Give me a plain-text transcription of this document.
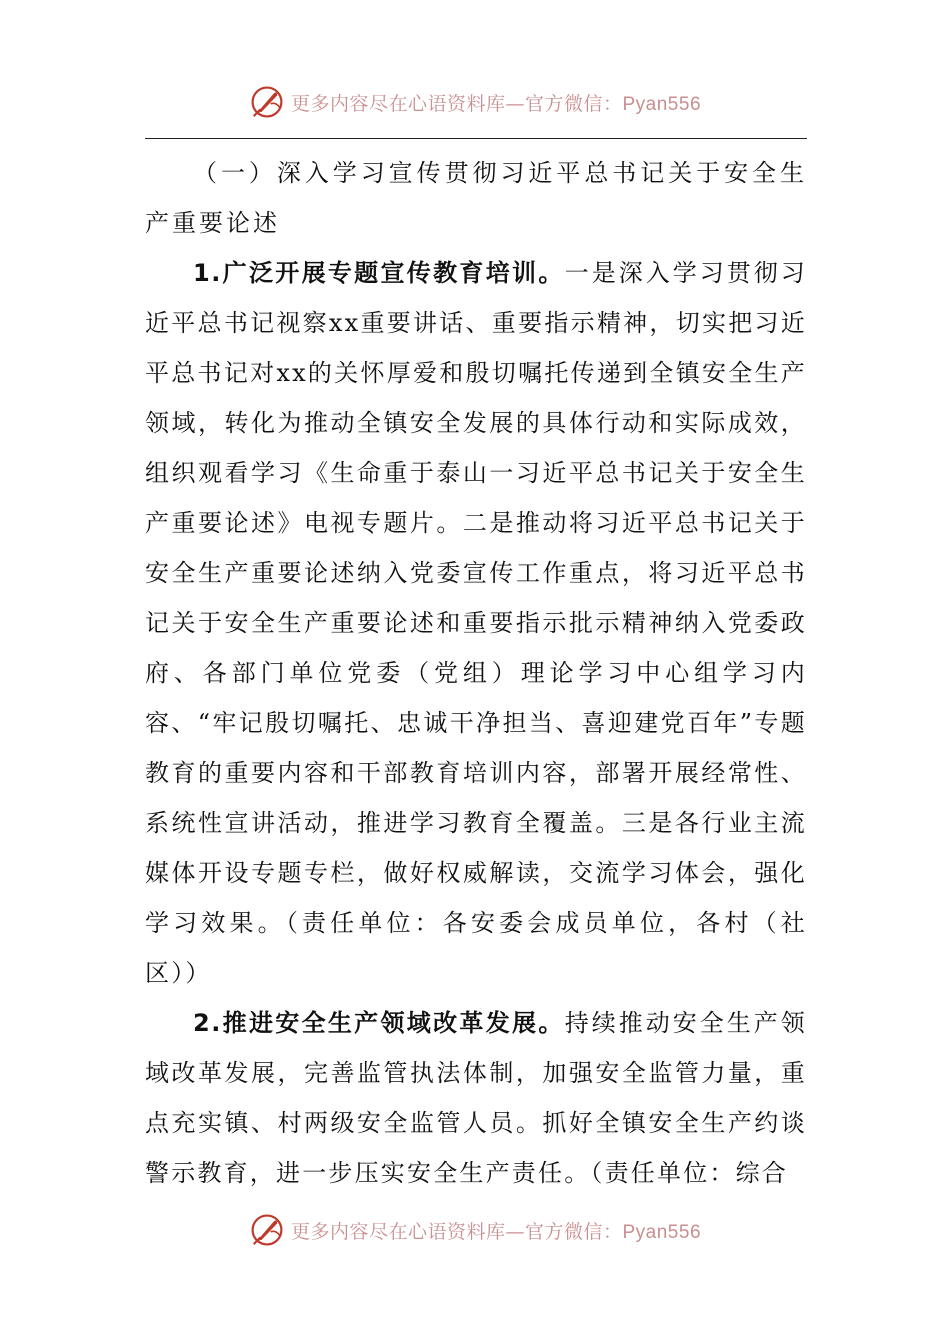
更多内容尽在心语资料库—官方微信：Pyan556

（一）深入学习宣传贯彻习近平总书记关于安全生产重要论述

1.广泛开展专题宣传教育培训。一是深入学习贯彻习近平总书记视察xx重要讲话、重要指示精神，切实把习近平总书记对xx的关怀厚爱和殷切嘱托传递到全镇安全生产领域，转化为推动全镇安全发展的具体行动和实际成效，组织观看学习《生命重于泰山一习近平总书记关于安全生产重要论述》电视专题片。二是推动将习近平总书记关于安全生产重要论述纳入党委宣传工作重点，将习近平总书记关于安全生产重要论述和重要指示批示精神纳入党委政府、各部门单位党委（党组）理论学习中心组学习内容、“牢记殷切嘱托、忠诚干净担当、喜迎建党百年”专题教育的重要内容和干部教育培训内容，部署开展经常性、系统性宣讲活动，推进学习教育全覆盖。三是各行业主流媒体开设专题专栏，做好权威解读，交流学习体会，强化学习效果。（责任单位：各安委会成员单位，各村（社区））

2.推进安全生产领域改革发展。持续推动安全生产领域改革发展，完善监管执法体制，加强安全监管力量，重点充实镇、村两级安全监管人员。抓好全镇安全生产约谈警示教育，进一步压实安全生产责任。（责任单位：综合

更多内容尽在心语资料库—官方微信：Pyan556
